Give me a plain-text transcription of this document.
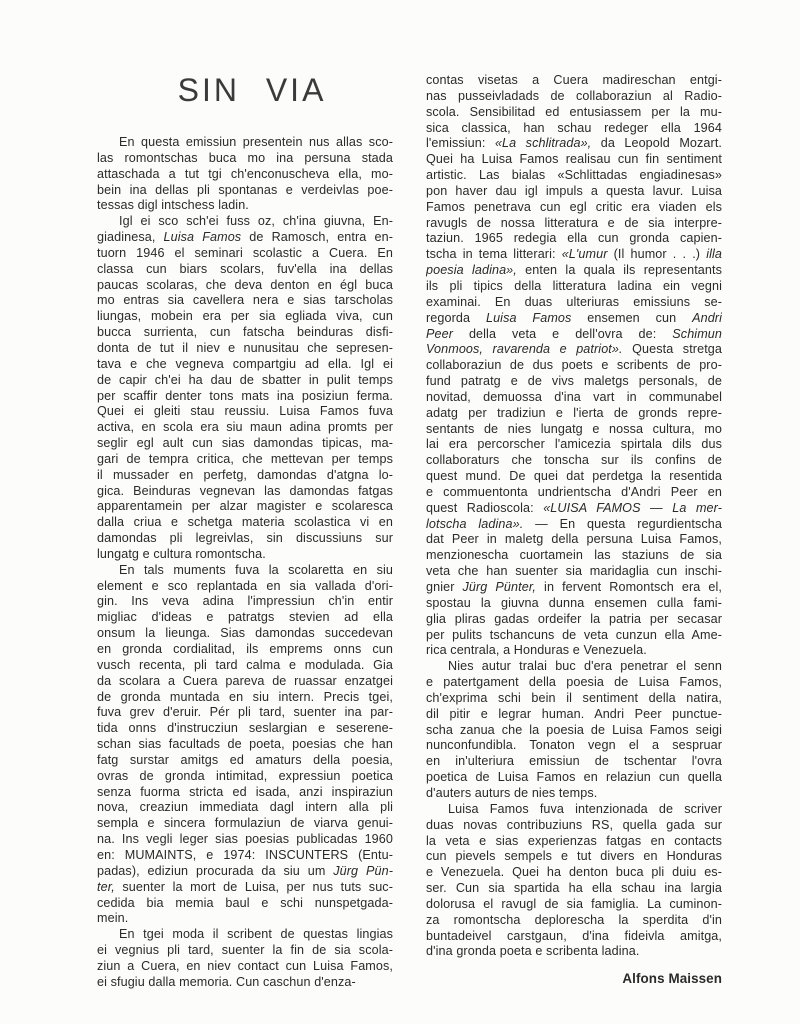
SIN VIA
En questa emissiun presentein nus allas sco-
las romontschas buca mo ina persuna stada
attaschada a tut tgi ch'enconuscheva ella, mo-
bein ina dellas pli spontanas e verdeivlas poe-
tessas digl intschess ladin.
Igl ei sco sch'ei fuss oz, ch'ina giuvna, En-
giadinesa, Luisa Famos de Ramosch, entra en-
tuorn 1946 el seminari scolastic a Cuera. En
classa cun biars scolars, fuv'ella ina dellas
paucas scolaras, che deva denton en égl buca
mo entras sia cavellera nera e sias tarscholas
liungas, mobein era per sia egliada viva, cun
bucca surrienta, cun fatscha beinduras disfi-
donta de tut il niev e nunusitau che sepresen-
tava e che vegneva compartgiu ad ella. Igl ei
de capir ch'ei ha dau de sbatter in pulit temps
per scaffir denter tons mats ina posiziun ferma.
Quei ei gleiti stau reussiu. Luisa Famos fuva
activa, en scola era siu maun adina promts per
seglir egl ault cun sias damondas tipicas, ma-
gari de tempra critica, che mettevan per temps
il mussader en perfetg, damondas d'atgna lo-
gica. Beinduras vegnevan las damondas fatgas
apparentamein per alzar magister e scolaresca
dalla criua e schetga materia scolastica vi en
damondas pli legreivlas, sin discussiuns sur
lungatg e cultura romontscha.
En tals muments fuva la scolaretta en siu
element e sco replantada en sia vallada d'ori-
gin. Ins veva adina l'impressiun ch'in entir
migliac d'ideas e patratgs stevien ad ella
onsum la lieunga. Sias damondas succedevan
en gronda cordialitad, ils emprems onns cun
vusch recenta, pli tard calma e modulada. Gia
da scolara a Cuera pareva de ruassar enzatgei
de gronda muntada en siu intern. Precis tgei,
fuva grev d'eruir. Pér pli tard, suenter ina par-
tida onns d'instrucziun seslargian e seserene-
schan sias facultads de poeta, poesias che han
fatg surstar amitgs ed amaturs della poesia,
ovras de gronda intimitad, expressiun poetica
senza fuorma stricta ed isada, anzi inspiraziun
nova, creaziun immediata dagl intern alla pli
sempla e sincera formulaziun de viarva genui-
na. Ins vegli leger sias poesias publicadas 1960
en: MUMAINTS, e 1974: INSCUNTERS (Entu-
padas), ediziun procurada da siu um Jürg Pün-
ter, suenter la mort de Luisa, per nus tuts suc-
cedida bia memia baul e schi nunspetgada-
mein.
En tgei moda il scribent de questas lingias
ei vegnius pli tard, suenter la fin de sia scola-
ziun a Cuera, en niev contact cun Luisa Famos,
ei sfugiu dalla memoria. Cun caschun d'enza-
contas visetas a Cuera madireschan entgi-
nas pusseivladads de collaboraziun al Radio-
scola. Sensibilitad ed entusiassem per la mu-
sica classica, han schau redeger ella 1964
l'emissiun: «La schlitrada», da Leopold Mozart.
Quei ha Luisa Famos realisau cun fin sentiment
artistic. Las bialas «Schlittadas engiadinesas»
pon haver dau igl impuls a questa lavur. Luisa
Famos penetrava cun egl critic era viaden els
ravugls de nossa litteratura e de sia interpre-
taziun. 1965 redegia ella cun gronda capien-
tscha in tema litterari: «L'umur (Il humor . . .) illa
poesia ladina», enten la quala ils representants
ils pli tipics della litteratura ladina ein vegni
examinai. En duas ulteriuras emissiuns se-
regorda Luisa Famos ensemen cun Andri
Peer della veta e dell'ovra de: Schimun
Vonmoos, ravarenda e patriot». Questa stretga
collaboraziun de dus poets e scribents de pro-
fund patratg e de vivs maletgs personals, de
novitad, demuossa d'ina vart in communabel
adatg per tradiziun e l'ierta de gronds repre-
sentants de nies lungatg e nossa cultura, mo
lai era percorscher l'amicezia spirtala dils dus
collaboraturs che tonscha sur ils confins de
quest mund. De quei dat perdetga la resentida
e commuentonta undrientscha d'Andri Peer en
quest Radioscola: «LUISA FAMOS — La mer-
lotscha ladina». — En questa regurdientscha
dat Peer in maletg della persuna Luisa Famos,
menzionescha cuortamein las staziuns de sia
veta che han suenter sia maridaglia cun inschi-
gnier Jürg Pünter, in fervent Romontsch era el,
spostau la giuvna dunna ensemen culla fami-
glia pliras gadas ordeifer la patria per secasar
per pulits tschancuns de veta cunzun ella Ame-
rica centrala, a Honduras e Venezuela.
Nies autur tralai buc d'era penetrar el senn
e patertgament della poesia de Luisa Famos,
ch'exprima schi bein il sentiment della natira,
dil pitir e legrar human. Andri Peer punctue-
scha zanua che la poesia de Luisa Famos seigi
nunconfundibla. Tonaton vegn el a sespruar
en in'ulteriura emissiun de tschentar l'ovra
poetica de Luisa Famos en relaziun cun quella
d'auters auturs de nies temps.
Luisa Famos fuva intenzionada de scriver
duas novas contribuziuns RS, quella gada sur
la veta e sias experienzas fatgas en contacts
cun pievels sempels e tut divers en Honduras
e Venezuela. Quei ha denton buca pli duiu es-
ser. Cun sia spartida ha ella schau ina largia
dolorusa el ravugl de sia famiglia. La cuminon-
za romontscha deplorescha la sperdita d'in
buntadeivel carstgaun, d'ina fideivla amitga,
d'ina gronda poeta e scribenta ladina.
Alfons Maissen
